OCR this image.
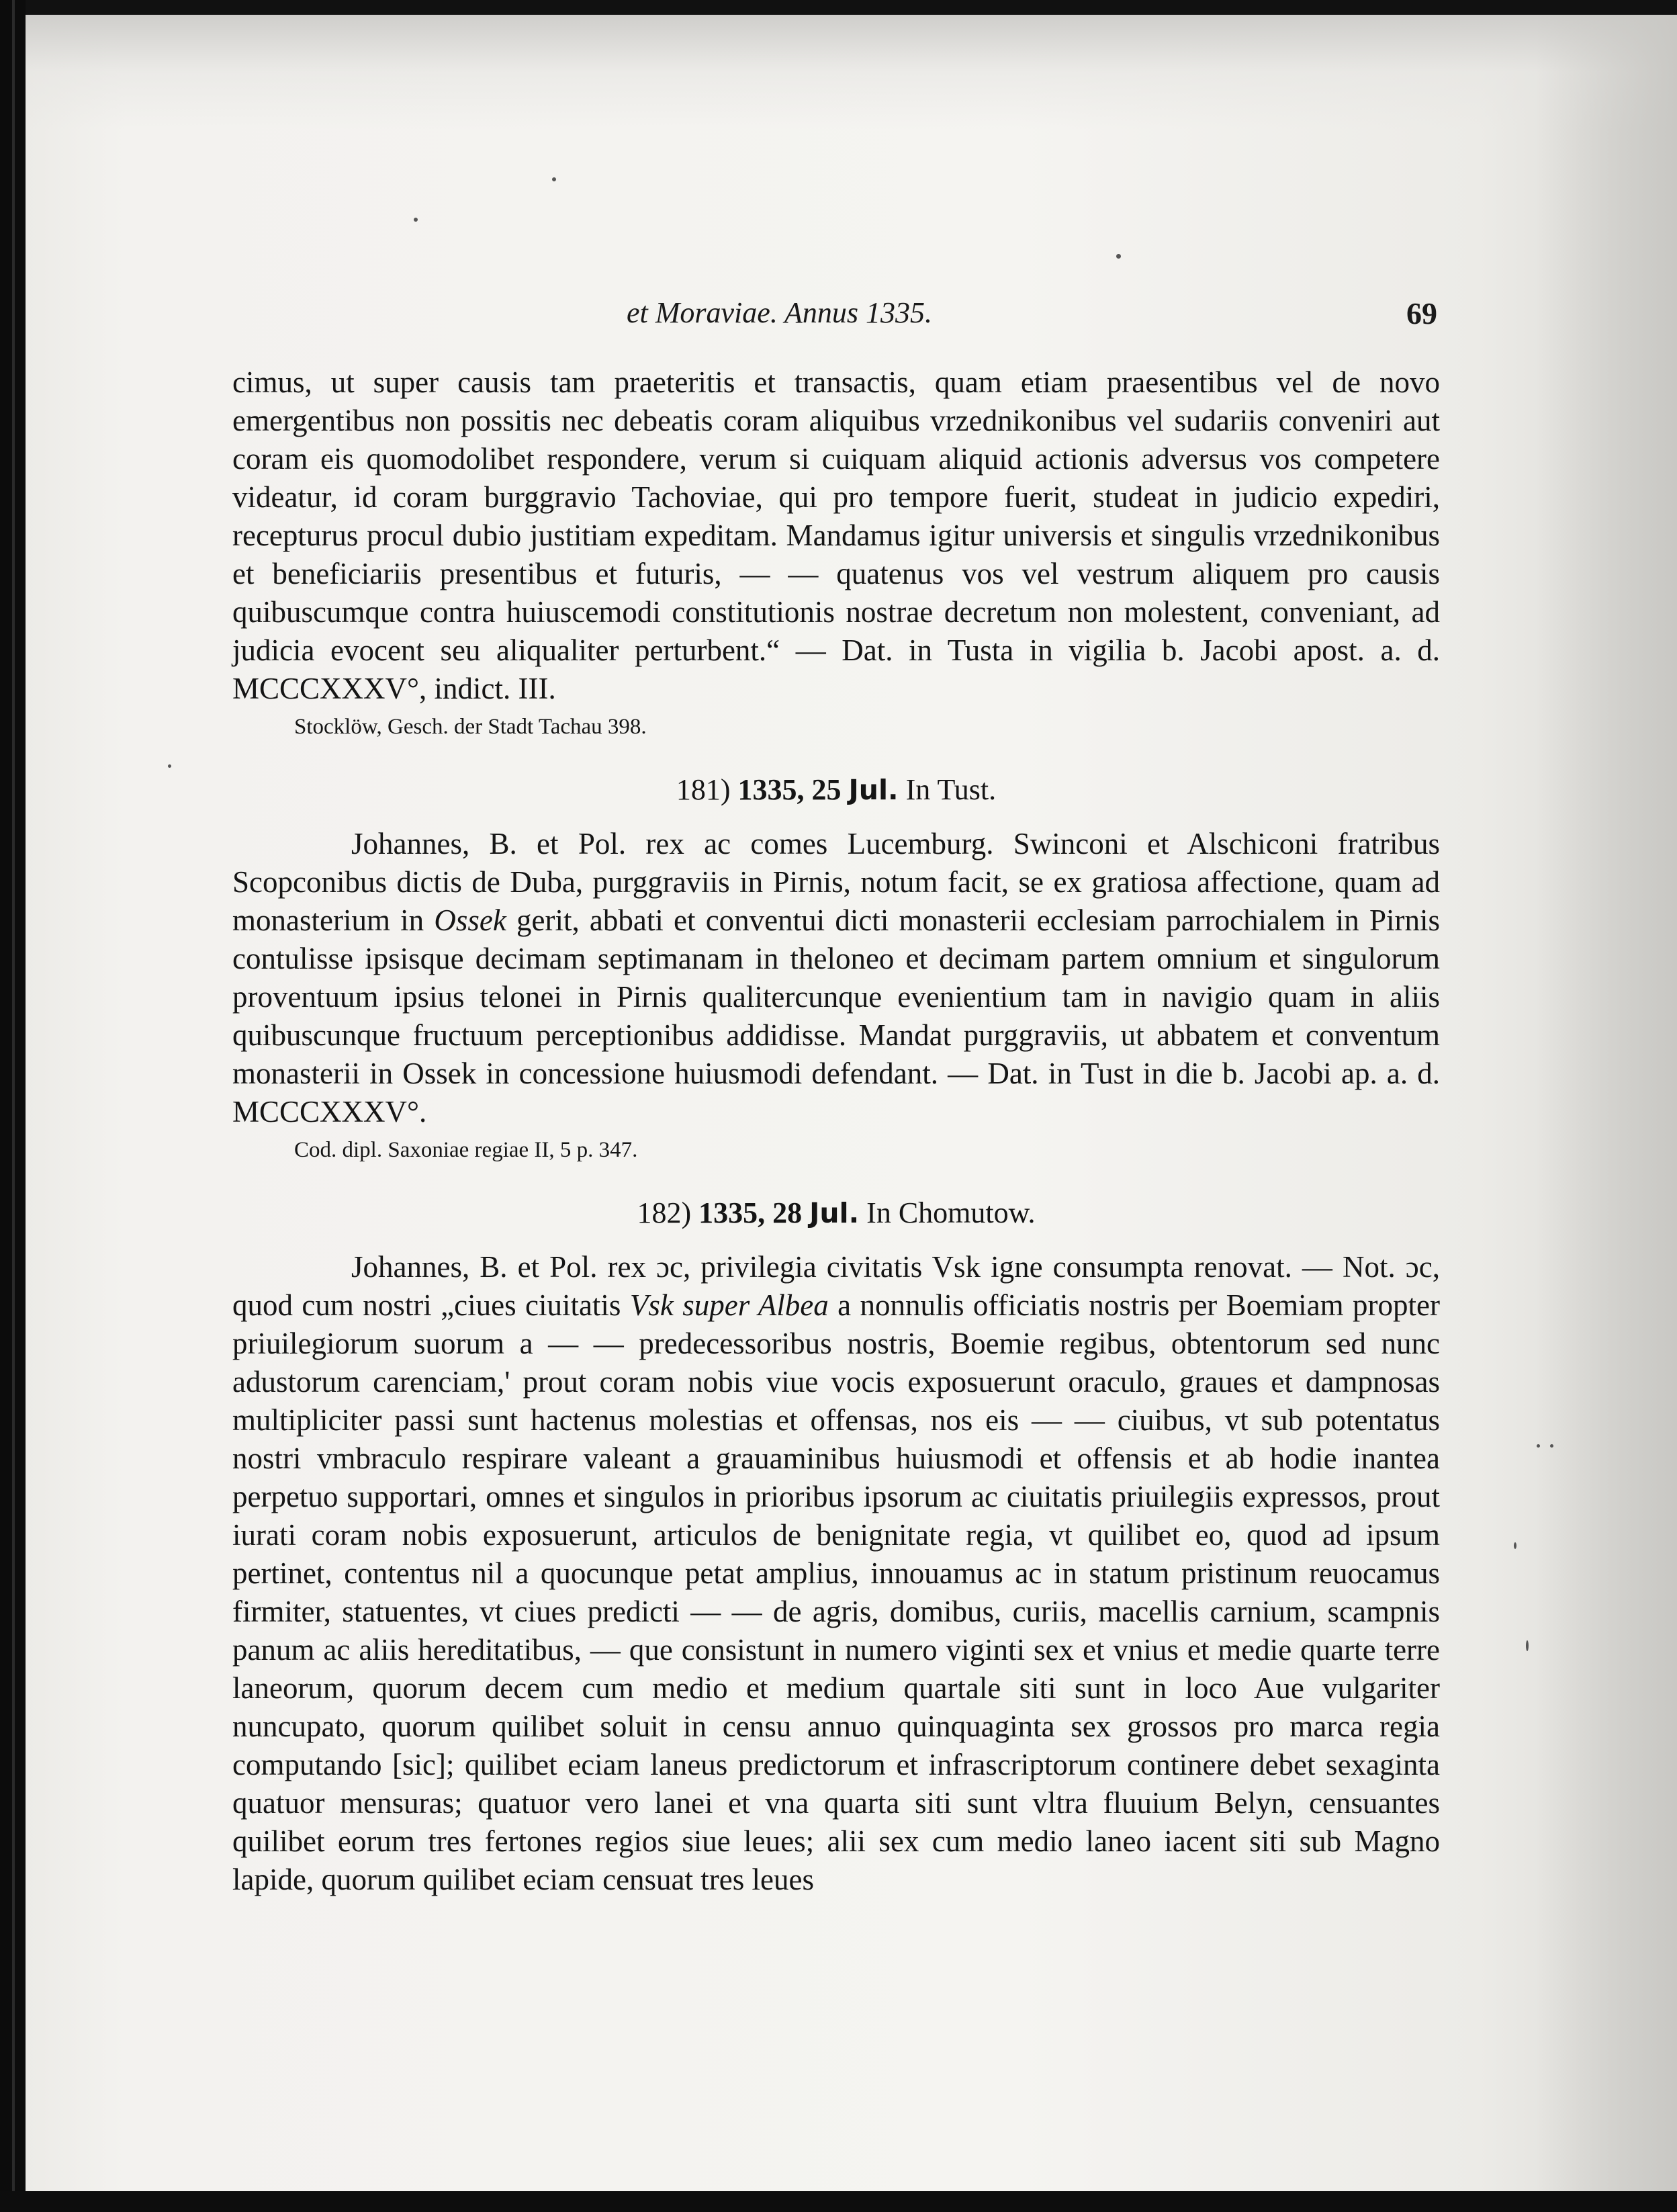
et Moraviae. Annus 1335.	69

cimus, ut super causis tam praeteritis et transactis, quam etiam praesentibus vel de novo emergentibus non possitis nec debeatis coram aliquibus vrzednikonibus vel sudariis conveniri aut coram eis quomodolibet respondere, verum si cuiquam aliquid actionis adversus vos competere videatur, id coram burggravio Tachoviae, qui pro tempore fuerit, studeat in judicio expediri, recepturus procul dubio justitiam expeditam. Mandamus igitur universis et singulis vrzednikonibus et beneficiariis presentibus et futuris, — — quatenus vos vel vestrum aliquem pro causis quibuscumque contra huiuscemodi constitutionis nostrae decretum non molestent, conveniant, ad judicia evocent seu aliqualiter perturbent.“ — Dat. in Tusta in vigilia b. Jacobi apost. a. d. MCCCXXXV°, indict. III.

Stocklöw, Gesch. der Stadt Tachau 398.
181) 1335, 25 Jul. In Tust.

Johannes, B. et Pol. rex ac comes Lucemburg. Swinconi et Alschiconi fratribus Scopconibus dictis de Duba, purggraviis in Pirnis, notum facit, se ex gratiosa affectione, quam ad monasterium in Ossek gerit, abbati et conventui dicti monasterii ecclesiam parrochialem in Pirnis contulisse ipsisque decimam septimanam in theloneo et decimam partem omnium et singulorum proventuum ipsius telonei in Pirnis qualitercunque evenientium tam in navigio quam in aliis quibuscunque fructuum perceptionibus addidisse. Mandat purggraviis, ut abbatem et conventum monasterii in Ossek in concessione huiusmodi defendant. — Dat. in Tust in die b. Jacobi ap. a. d. MCCCXXXV°.

Cod. dipl. Saxoniae regiae II, 5 p. 347.
182) 1335, 28 Jul. In Chomutow.

Johannes, B. et Pol. rex ɔc, privilegia civitatis Vsk igne consumpta renovat. — Not. ɔc, quod cum nostri „ciues ciuitatis Vsk super Albea a nonnulis officiatis nostris per Boemiam propter priuilegiorum suorum a — — predecessoribus nostris, Boemie regibus, obtentorum sed nunc adustorum carenciam,' prout coram nobis viue vocis exposuerunt oraculo, graues et dampnosas multipliciter passi sunt hactenus molestias et offensas, nos eis — — ciuibus, vt sub potentatus nostri vmbraculo respirare valeant a grauaminibus huiusmodi et offensis et ab hodie inantea perpetuo supportari, omnes et singulos in prioribus ipsorum ac ciuitatis priuilegiis expressos, prout iurati coram nobis exposuerunt, articulos de benignitate regia, vt quilibet eo, quod ad ipsum pertinet, contentus nil a quocunque petat amplius, innouamus ac in statum pristinum reuocamus firmiter, statuentes, vt ciues predicti — — de agris, domibus, curiis, macellis carnium, scampnis panum ac aliis hereditatibus, — que consistunt in numero viginti sex et vnius et medie quarte terre laneorum, quorum decem cum medio et medium quartale siti sunt in loco Aue vulgariter nuncupato, quorum quilibet soluit in censu annuo quinquaginta sex grossos pro marca regia computando [sic]; quilibet eciam laneus predictorum et infrascriptorum continere debet sexaginta quatuor mensuras; quatuor vero lanei et vna quarta siti sunt vltra fluuium Belyn, censuantes quilibet eorum tres fertones regios siue leues; alii sex cum medio laneo iacent siti sub Magno lapide, quorum quilibet eciam censuat tres leues
